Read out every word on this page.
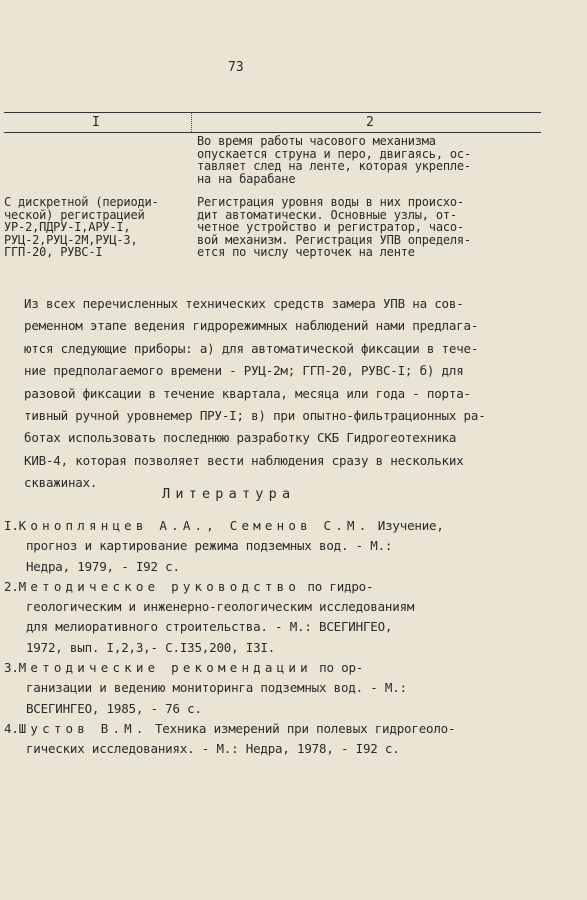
73
I	2
Во время работы часового механизма
опускается струна и перо, двигаясь, ос-
тавляет след на ленте, которая укрепле-
на на барабане
С дискретной (периоди-
ческой) регистрацией
УР-2,ПДРУ-I,АРУ-I,
РУЦ-2,РУЦ-2М,РУЦ-3,
ГГП-20, РУВС-I
Регистрация уровня воды в них происхо-
дит автоматически. Основные узлы, от-
четное устройство и регистратор, часо-
вой механизм. Регистрация УПВ определя-
ется по числу черточек на ленте
Из всех перечисленных технических средств замера УПВ на сов-
ременном этапе ведения гидрорежимных наблюдений нами предлага-
ются следующие приборы: а) для автоматической фиксации в тече-
ние предполагаемого времени - РУЦ-2м; ГГП-20, РУВС-I; б) для
разовой фиксации в течение квартала, месяца или года - порта-
тивный ручной уровнемер ПРУ-I; в) при опытно-фильтрационных ра-
ботах использовать последнюю разработку СКБ Гидрогеотехника
КИВ-4, которая позволяет вести наблюдения сразу в нескольких
скважинах.
Литература
I.Коноплянцев А.А., Семенов С.М. Изучение,
прогноз и картирование режима подземных вод. - М.:
Недра, 1979, - I92 с.
2.Методическое руководство по гидро-
геологическим и инженерно-геологическим исследованиям
для мелиоративного строительства. - М.: ВСЕГИНГЕО,
1972, вып. I,2,3,- С.I35,200, I3I.
3.Методические рекомендации по ор-
ганизации и ведению мониторинга подземных вод. - М.:
ВСЕГИНГЕО, 1985, - 76 с.
4.Шустов В.М. Техника измерений при полевых гидрогеоло-
гических исследованиях. - М.: Недра, 1978, - I92 с.
